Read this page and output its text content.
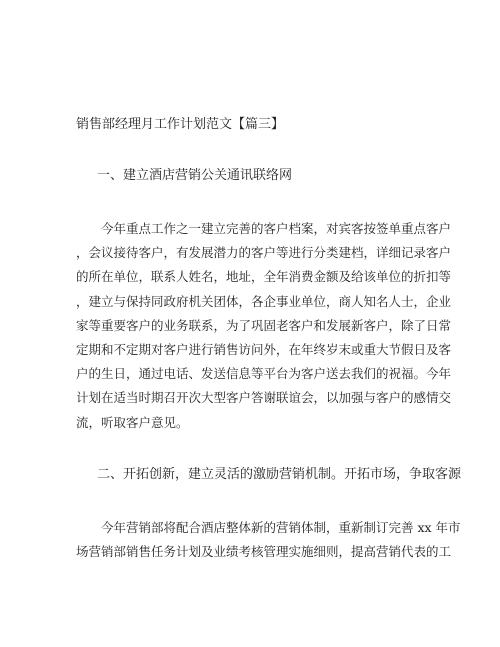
销售部经理月工作计划范文【篇三】
一、建立酒店营销公关通讯联络网
　　今年重点工作之一建立完善的客户档案，对宾客按签单重点客户
，会议接待客户，有发展潜力的客户等进行分类建档，详细记录客户
的所在单位，联系人姓名，地址，全年消费金额及给该单位的折扣等
，建立与保持同政府机关团体，各企事业单位，商人知名人士，企业
家等重要客户的业务联系，为了巩固老客户和发展新客户，除了日常
定期和不定期对客户进行销售访问外，在年终岁末或重大节假日及客
户的生日，通过电话、发送信息等平台为客户送去我们的祝福。今年
计划在适当时期召开次大型客户答谢联谊会，以加强与客户的感情交
流，听取客户意见。
二、开拓创新，建立灵活的激励营销机制。开拓市场，争取客源
　　今年营销部将配合酒店整体新的营销体制，重新制订完善 xx 年市
场营销部销售任务计划及业绩考核管理实施细则，提高营销代表的工
